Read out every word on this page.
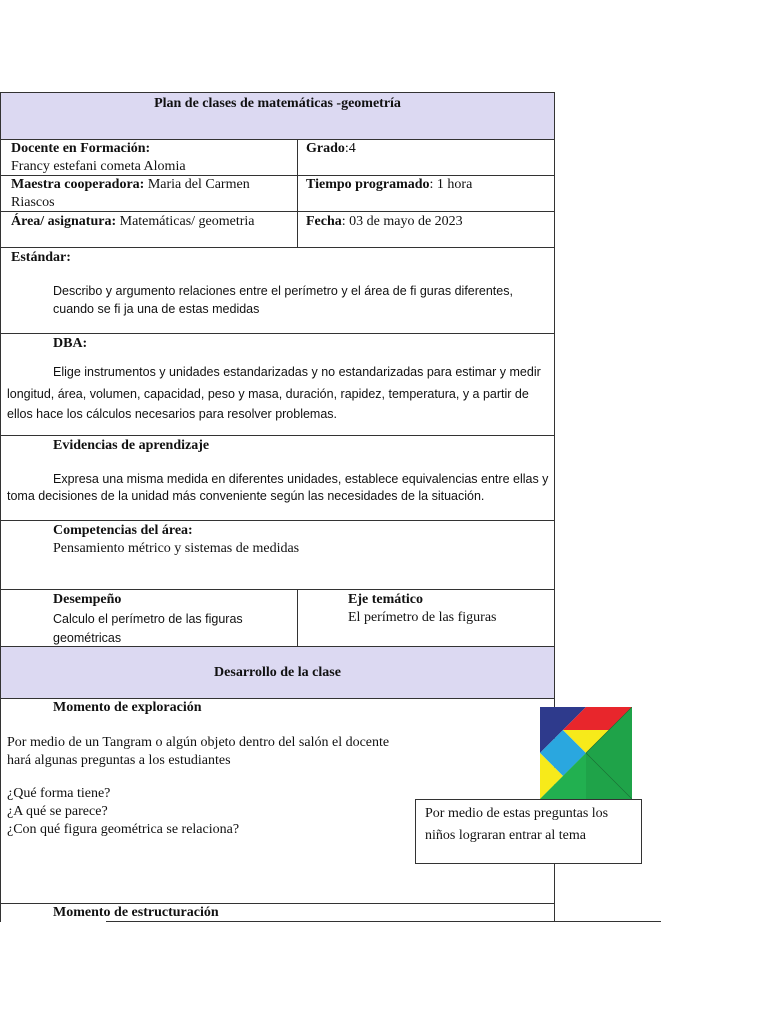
Plan de clases de matemáticas -geometría
Docente en Formación:
Francy estefani cometa Alomia
Grado:4
Maestra cooperadora: Maria del Carmen
Riascos
Tiempo programado: 1 hora
Área/ asignatura: Matemáticas/ geometria	Fecha: 03 de mayo de 2023
Estándar:
Describo y argumento relaciones entre el perímetro y el área de fi guras diferentes,
cuando se fi ja una de estas medidas
DBA:
Elige instrumentos y unidades estandarizadas y no estandarizadas para estimar y medir
longitud, área, volumen, capacidad, peso y masa, duración, rapidez, temperatura, y a partir de
ellos hace los cálculos necesarios para resolver problemas.
Evidencias de aprendizaje
Expresa una misma medida en diferentes unidades, establece equivalencias entre ellas y
toma decisiones de la unidad más conveniente según las necesidades de la situación.
Competencias del área:
Pensamiento métrico y sistemas de medidas
Desempeño
Calculo el perímetro de las figuras
geométricas
Eje temático
El perímetro de las figuras
Desarrollo de la clase
Momento de exploración
Por medio de un Tangram o algún objeto dentro del salón el docente
hará algunas preguntas a los estudiantes
¿Qué forma tiene?
¿A qué se parece?
¿Con qué figura geométrica se relaciona?
Momento de estructuración
Por medio de estas preguntas los
niños lograran entrar al tema
